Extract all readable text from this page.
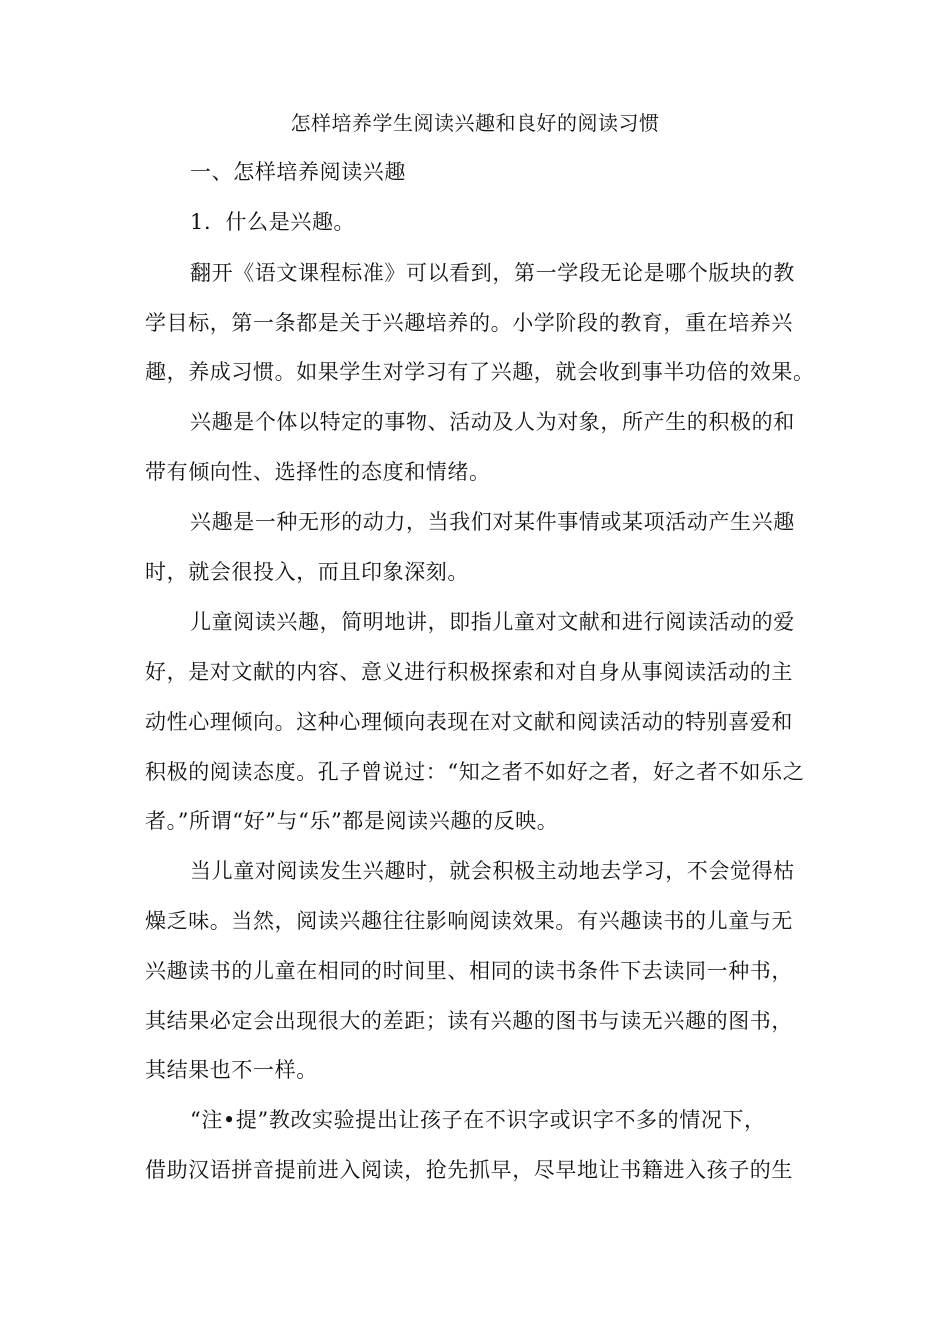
怎样培养学生阅读兴趣和良好的阅读习惯
一、怎样培养阅读兴趣
1．什么是兴趣。
翻开《语文课程标准》可以看到，第一学段无论是哪个版块的教
学目标，第一条都是关于兴趣培养的。小学阶段的教育，重在培养兴
趣，养成习惯。如果学生对学习有了兴趣，就会收到事半功倍的效果。
兴趣是个体以特定的事物、活动及人为对象，所产生的积极的和
带有倾向性、选择性的态度和情绪。
兴趣是一种无形的动力，当我们对某件事情或某项活动产生兴趣
时，就会很投入，而且印象深刻。
儿童阅读兴趣，简明地讲，即指儿童对文献和进行阅读活动的爱
好，是对文献的内容、意义进行积极探索和对自身从事阅读活动的主
动性心理倾向。这种心理倾向表现在对文献和阅读活动的特别喜爱和
积极的阅读态度。孔子曾说过：“知之者不如好之者，好之者不如乐之
者。”所谓“好”与“乐”都是阅读兴趣的反映。
当儿童对阅读发生兴趣时，就会积极主动地去学习，不会觉得枯
燥乏味。当然，阅读兴趣往往影响阅读效果。有兴趣读书的儿童与无
兴趣读书的儿童在相同的时间里、相同的读书条件下去读同一种书，
其结果必定会出现很大的差距；读有兴趣的图书与读无兴趣的图书，
其结果也不一样。
“注•提”教改实验提出让孩子在不识字或识字不多的情况下，
借助汉语拼音提前进入阅读，抢先抓早，尽早地让书籍进入孩子的生
